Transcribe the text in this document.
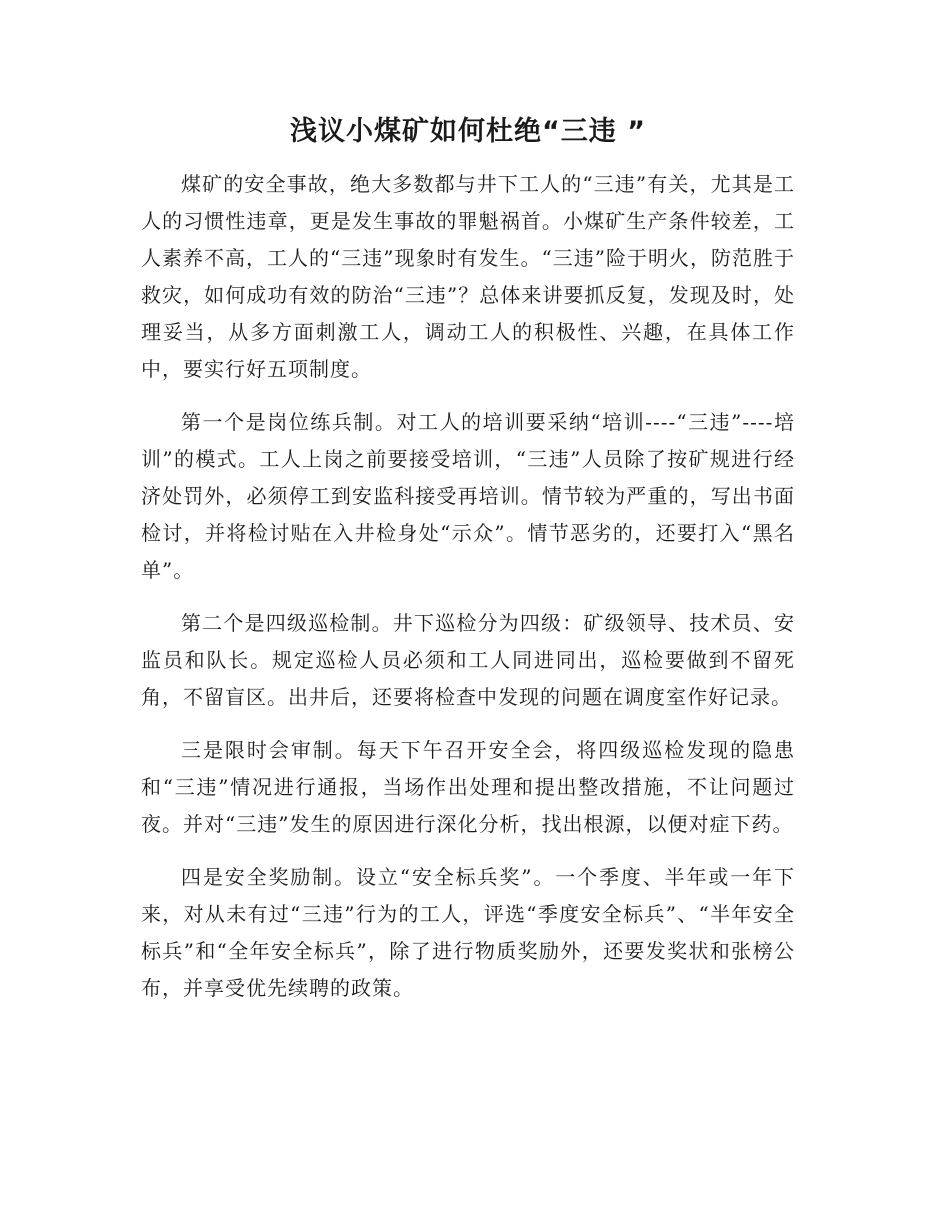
浅议小煤矿如何杜绝“三违 ”

煤矿的安全事故，绝大多数都与井下工人的“三违”有关，尤其是工人的习惯性违章，更是发生事故的罪魁祸首。小煤矿生产条件较差，工人素养不高，工人的“三违”现象时有发生。“三违”险于明火，防范胜于救灾，如何成功有效的防治“三违”？总体来讲要抓反复，发现及时，处理妥当，从多方面刺激工人，调动工人的积极性、兴趣，在具体工作中，要实行好五项制度。

第一个是岗位练兵制。对工人的培训要采纳“培训----“三违”----培训”的模式。工人上岗之前要接受培训，“三违”人员除了按矿规进行经济处罚外，必须停工到安监科接受再培训。情节较为严重的，写出书面检讨，并将检讨贴在入井检身处“示众”。情节恶劣的，还要打入“黑名单”。

第二个是四级巡检制。井下巡检分为四级：矿级领导、技术员、安监员和队长。规定巡检人员必须和工人同进同出，巡检要做到不留死角，不留盲区。出井后，还要将检查中发现的问题在调度室作好记录。

三是限时会审制。每天下午召开安全会，将四级巡检发现的隐患和“三违”情况进行通报，当场作出处理和提出整改措施，不让问题过夜。并对“三违”发生的原因进行深化分析，找出根源，以便对症下药。

四是安全奖励制。设立“安全标兵奖”。一个季度、半年或一年下来，对从未有过“三违”行为的工人，评选“季度安全标兵”、“半年安全标兵”和“全年安全标兵”，除了进行物质奖励外，还要发奖状和张榜公布，并享受优先续聘的政策。
